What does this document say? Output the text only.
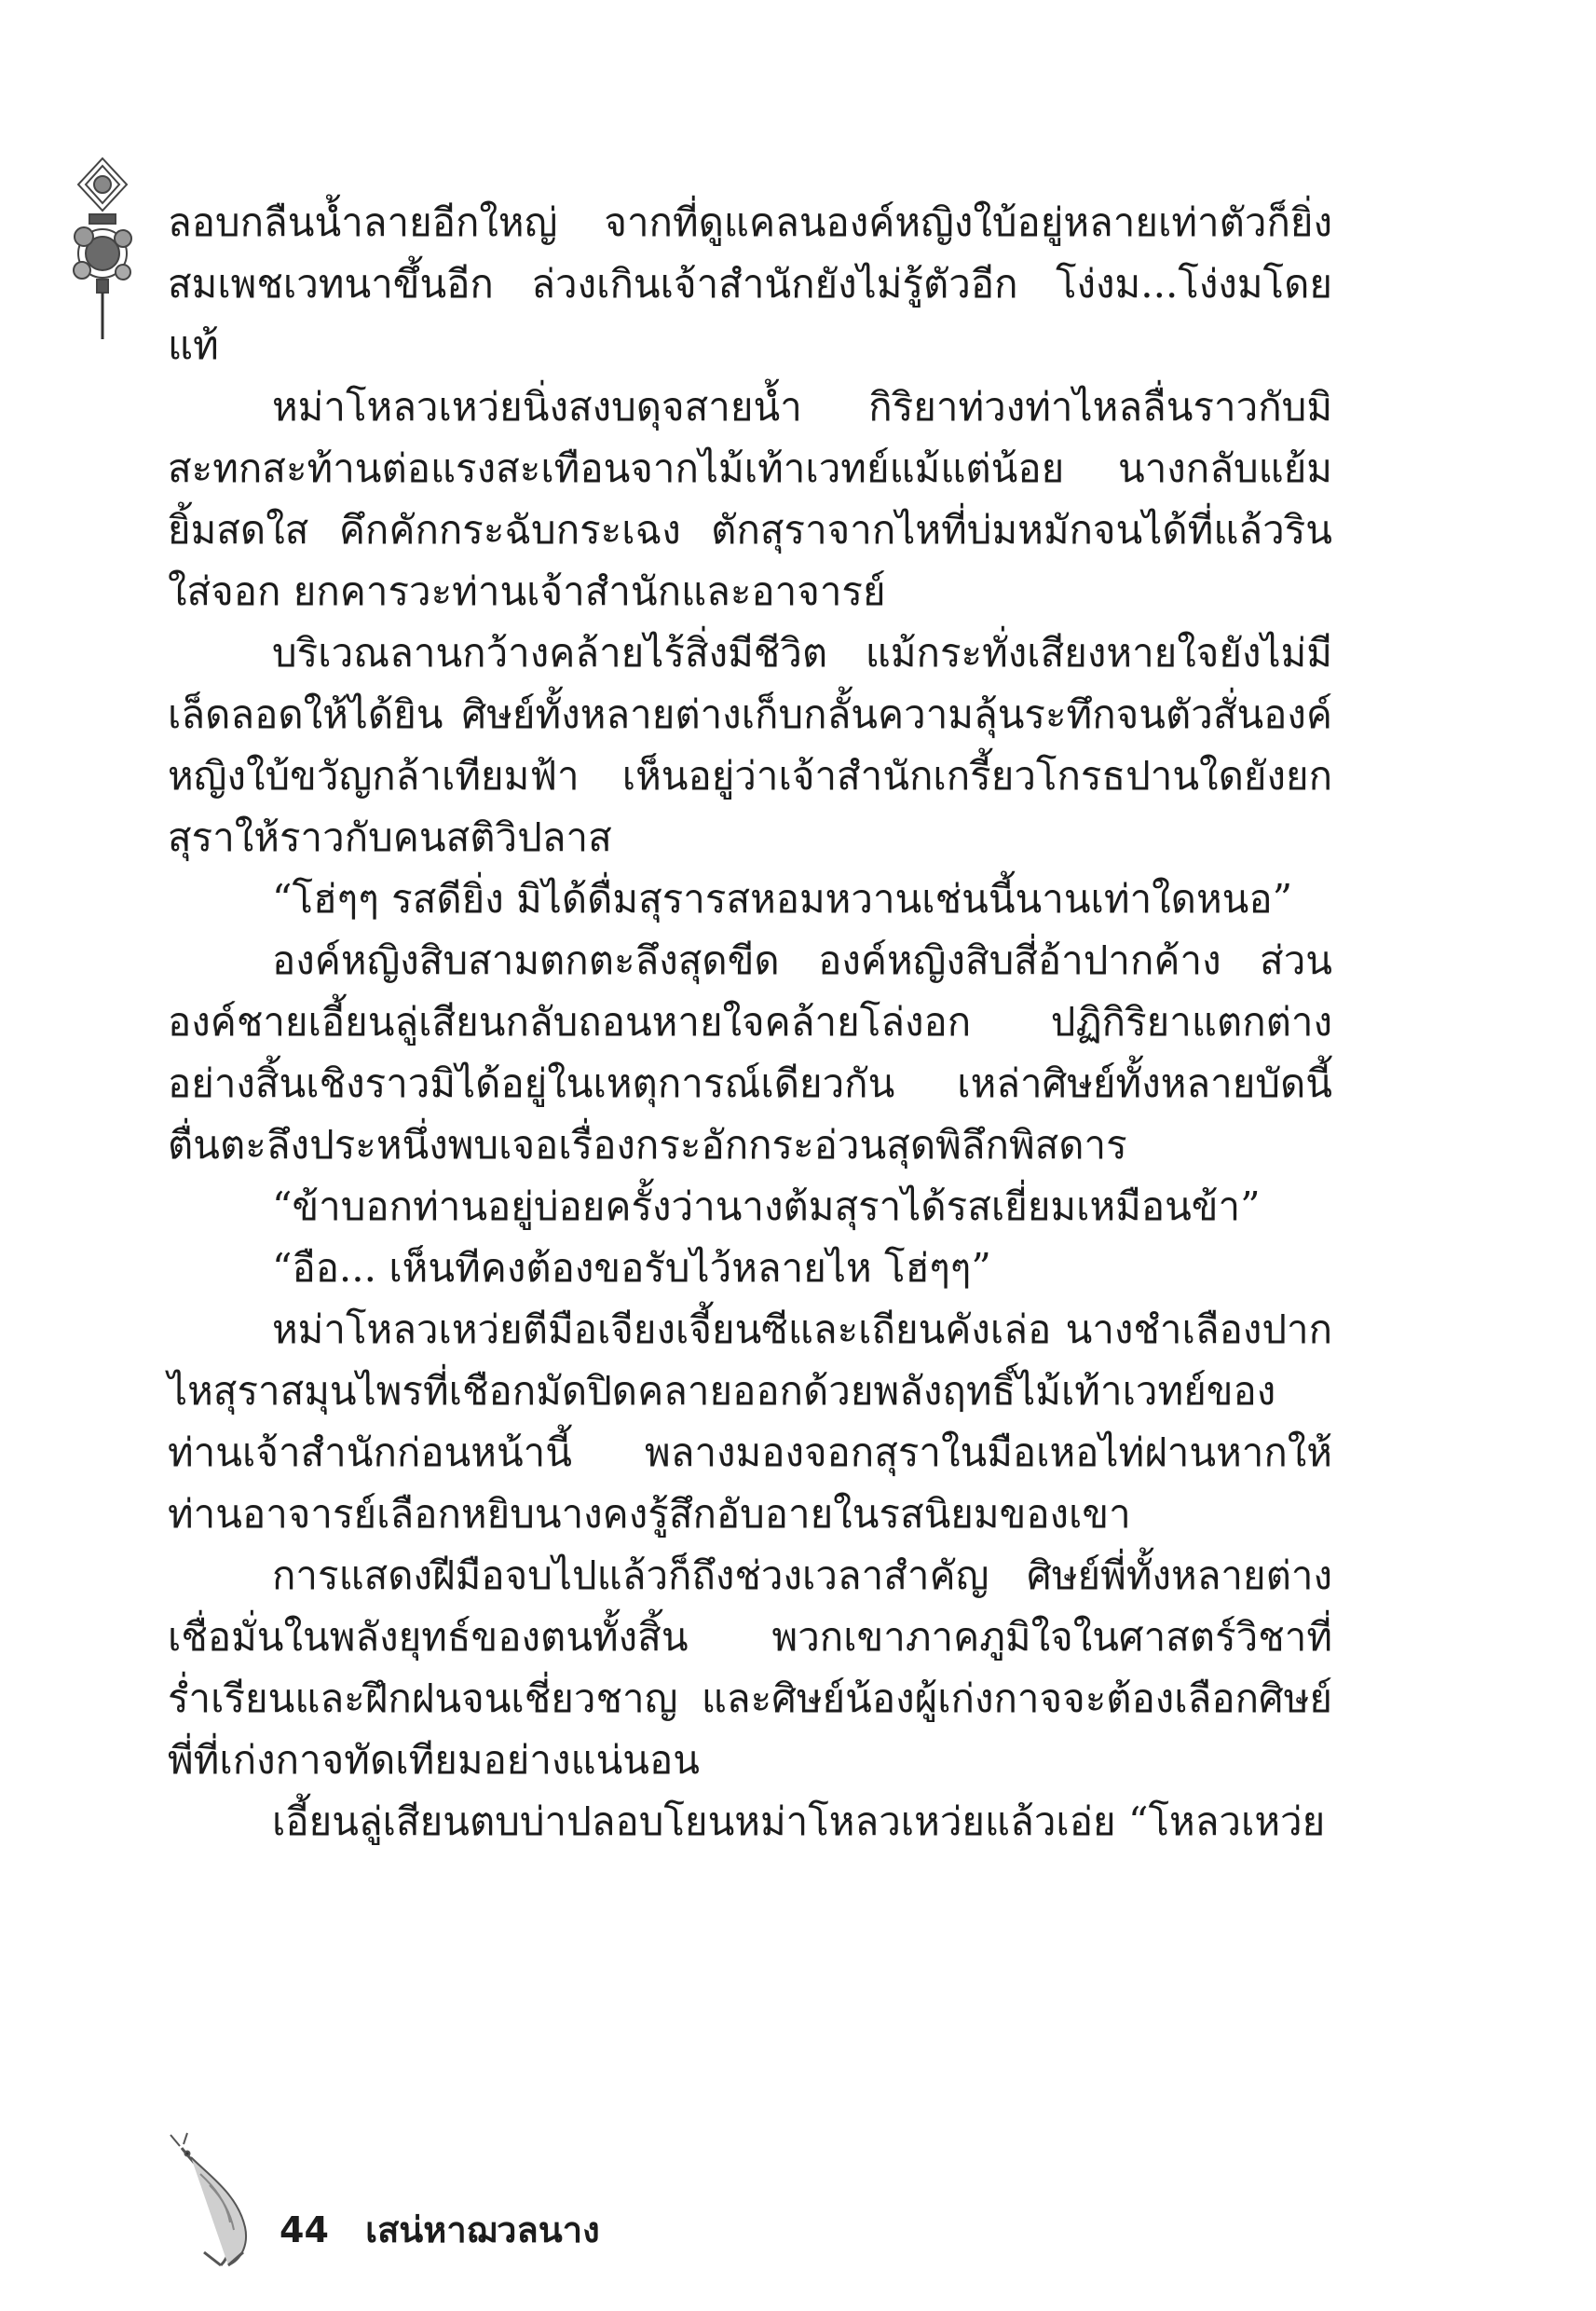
ลอบกลืนน้ำลายอีกใหญ่ จากที่ดูแคลนองค์หญิงใบ้อยู่หลายเท่าตัวก็ยิ่งสมเพชเวทนาขึ้นอีก ล่วงเกินเจ้าสำนักยังไม่รู้ตัวอีก โง่งม...โง่งมโดยแท้

หม่าโหลวเหว่ยนิ่งสงบดุจสายน้ำ กิริยาท่วงท่าไหลลื่นราวกับมิสะทกสะท้านต่อแรงสะเทือนจากไม้เท้าเวทย์แม้แต่น้อย นางกลับแย้มยิ้มสดใส คึกคักกระฉับกระเฉง ตักสุราจากไหที่บ่มหมักจนได้ที่แล้วรินใส่จอก ยกคารวะท่านเจ้าสำนักและอาจารย์

บริเวณลานกว้างคล้ายไร้สิ่งมีชีวิต แม้กระทั่งเสียงหายใจยังไม่มีเล็ดลอดให้ได้ยิน ศิษย์ทั้งหลายต่างเก็บกลั้นความลุ้นระทึกจนตัวสั่นองค์หญิงใบ้ขวัญกล้าเทียมฟ้า เห็นอยู่ว่าเจ้าสำนักเกรี้ยวโกรธปานใดยังยกสุราให้ราวกับคนสติวิปลาส

“โฮ่ๆๆ รสดียิ่ง มิได้ดื่มสุรารสหอมหวานเช่นนี้นานเท่าใดหนอ”

องค์หญิงสิบสามตกตะลึงสุดขีด องค์หญิงสิบสี่อ้าปากค้าง ส่วนองค์ชายเอี้ยนลู่เสียนกลับถอนหายใจคล้ายโล่งอก ปฏิกิริยาแตกต่างอย่างสิ้นเชิงราวมิได้อยู่ในเหตุการณ์เดียวกัน เหล่าศิษย์ทั้งหลายบัดนี้ตื่นตะลึงประหนึ่งพบเจอเรื่องกระอักกระอ่วนสุดพิลึกพิสดาร

“ข้าบอกท่านอยู่บ่อยครั้งว่านางต้มสุราได้รสเยี่ยมเหมือนข้า”

“อือ... เห็นทีคงต้องขอรับไว้หลายไห โฮ่ๆๆ”

หม่าโหลวเหว่ยตีมือเจียงเจี้ยนซีและเถียนคังเล่อ นางชำเลืองปากไหสุราสมุนไพรที่เชือกมัดปิดคลายออกด้วยพลังฤทธิ์ไม้เท้าเวทย์ของท่านเจ้าสำนักก่อนหน้านี้ พลางมองจอกสุราในมือเหอไท่ฝานหากให้ท่านอาจารย์เลือกหยิบนางคงรู้สึกอับอายในรสนิยมของเขา

การแสดงฝีมือจบไปแล้วก็ถึงช่วงเวลาสำคัญ ศิษย์พี่ทั้งหลายต่างเชื่อมั่นในพลังยุทธ์ของตนทั้งสิ้น พวกเขาภาคภูมิใจในศาสตร์วิชาที่ร่ำเรียนและฝึกฝนจนเชี่ยวชาญ และศิษย์น้องผู้เก่งกาจจะต้องเลือกศิษย์พี่ที่เก่งกาจทัดเทียมอย่างแน่นอน

เอี้ยนลู่เสียนตบบ่าปลอบโยนหม่าโหลวเหว่ยแล้วเอ่ย “โหลวเหว่ย

44 เสน่หาฌวลนาง
